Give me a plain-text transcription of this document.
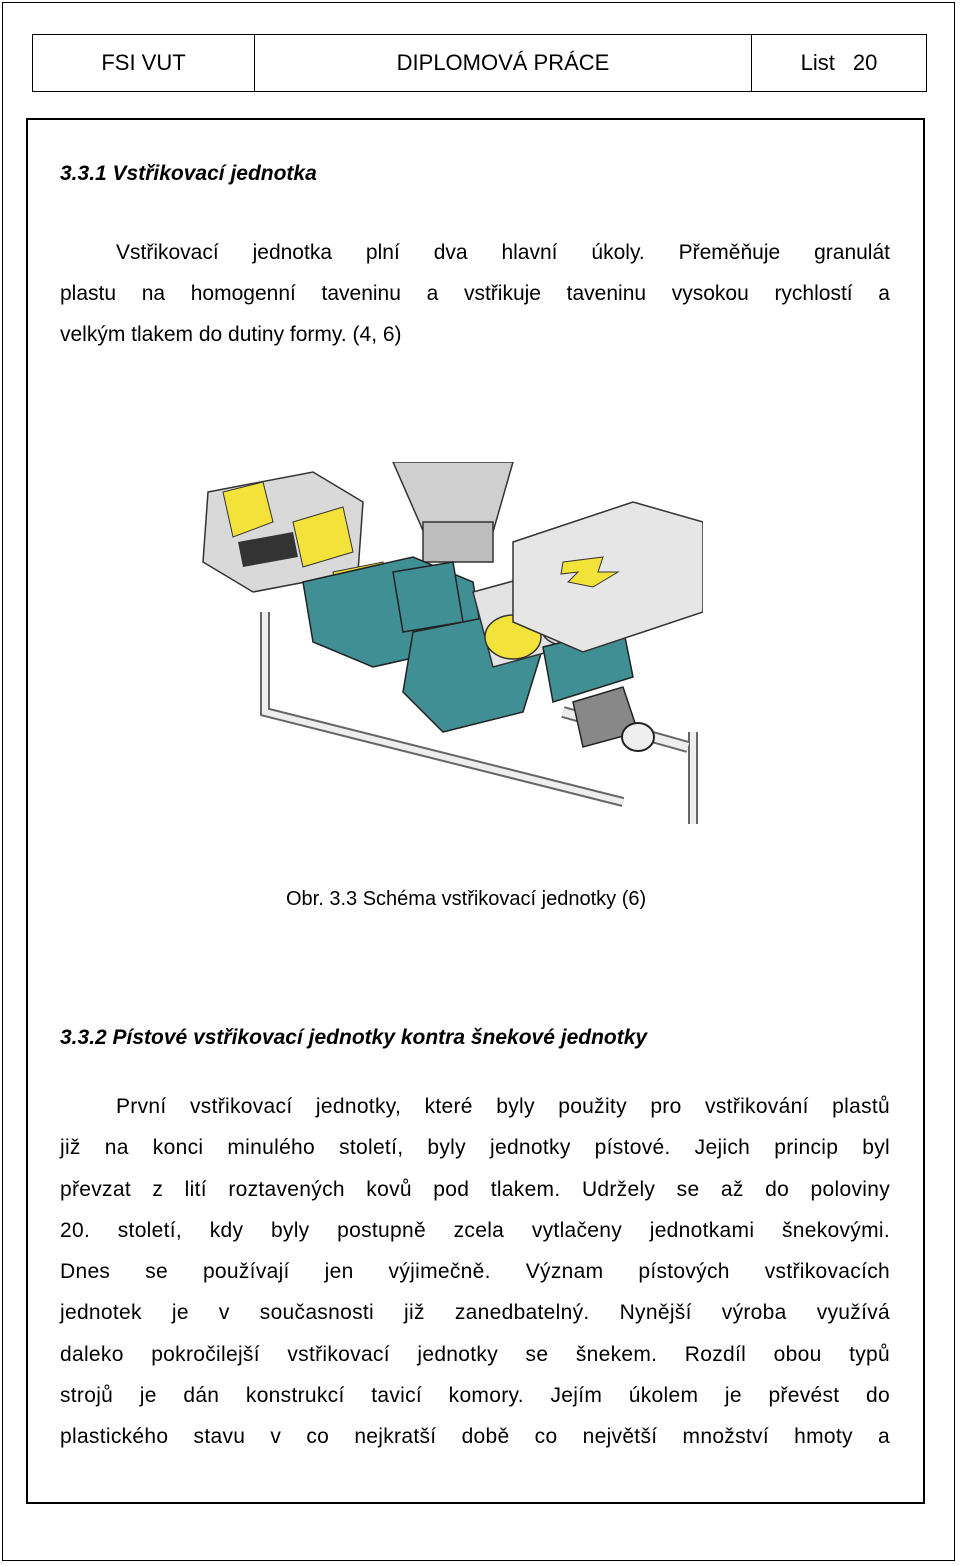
FSI VUT	DIPLOMOVÁ PRÁCE	List 20
3.3.1 Vstřikovací jednotka
Vstřikovací jednotka plní dva hlavní úkoly. Přeměňuje granulát
plastu na homogenní taveninu a vstřikuje taveninu vysokou rychlostí a
velkým tlakem do dutiny formy. (4, 6)
Obr. 3.3 Schéma vstřikovací jednotky (6)
3.3.2 Pístové vstřikovací jednotky kontra šnekové jednotky
První vstřikovací jednotky, které byly použity pro vstřikování plastů
již na konci minulého století, byly jednotky pístové. Jejich princip byl
převzat z lití roztavených kovů pod tlakem. Udržely se až do poloviny
20. století, kdy byly postupně zcela vytlačeny jednotkami šnekovými.
Dnes se používají jen výjimečně. Význam pístových vstřikovacích
jednotek je v současnosti již zanedbatelný. Nynější výroba využívá
daleko pokročilejší vstřikovací jednotky se šnekem. Rozdíl obou typů
strojů je dán konstrukcí tavicí komory. Jejím úkolem je převést do
plastického stavu v co nejkratší době co největší množství hmoty a
